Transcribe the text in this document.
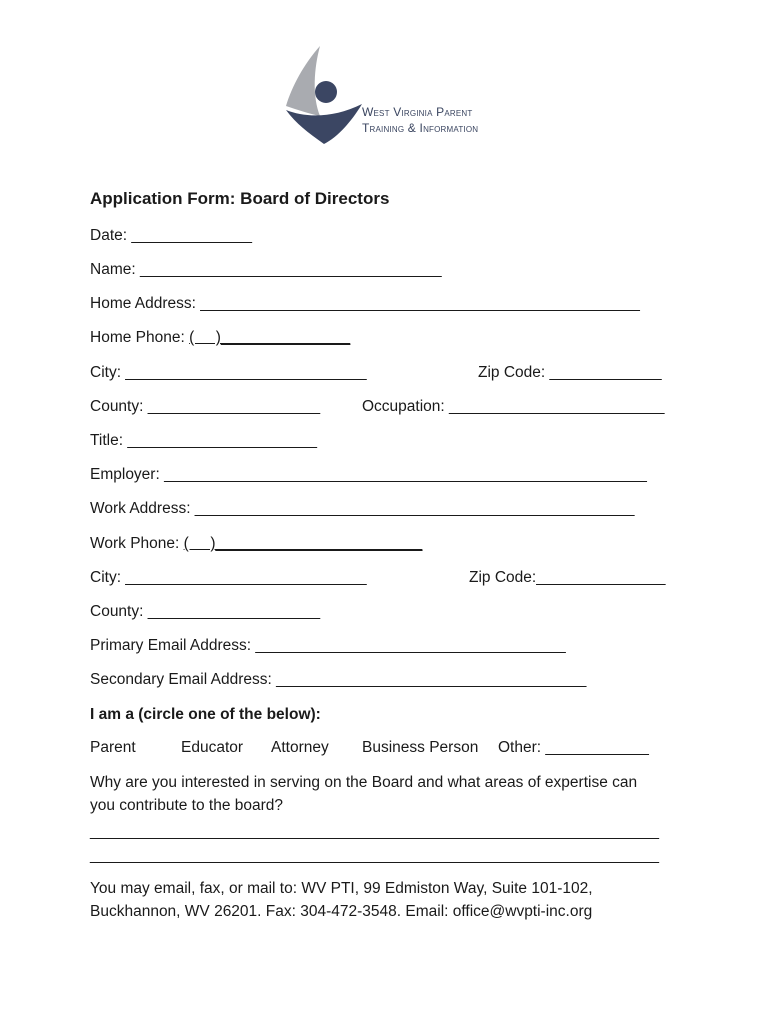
West Virginia Parent
Training & Information
Application Form: Board of Directors
Date: ______________
Name: ___________________________________
Home Address: ___________________________________________________
Home Phone: (     )_______________
City: ____________________________	Zip Code: _____________
County: ____________________	Occupation: _________________________
Title: ______________________
Employer: ________________________________________________________
Work Address: ___________________________________________________
Work Phone: (     )________________________
City: ____________________________	Zip Code:_______________
County: ____________________
Primary Email Address: ____________________________________
Secondary Email Address: ____________________________________
I am a (circle one of the below):
Parent	Educator Attorney Business Person Other: ____________
Why are you interested in serving on the Board and what areas of expertise can
you contribute to the board?
__________________________________________________________________
__________________________________________________________________
You may email, fax, or mail to: WV PTI, 99 Edmiston Way, Suite 101-102,
Buckhannon, WV 26201. Fax: 304-472-3548. Email: office@wvpti-inc.org
